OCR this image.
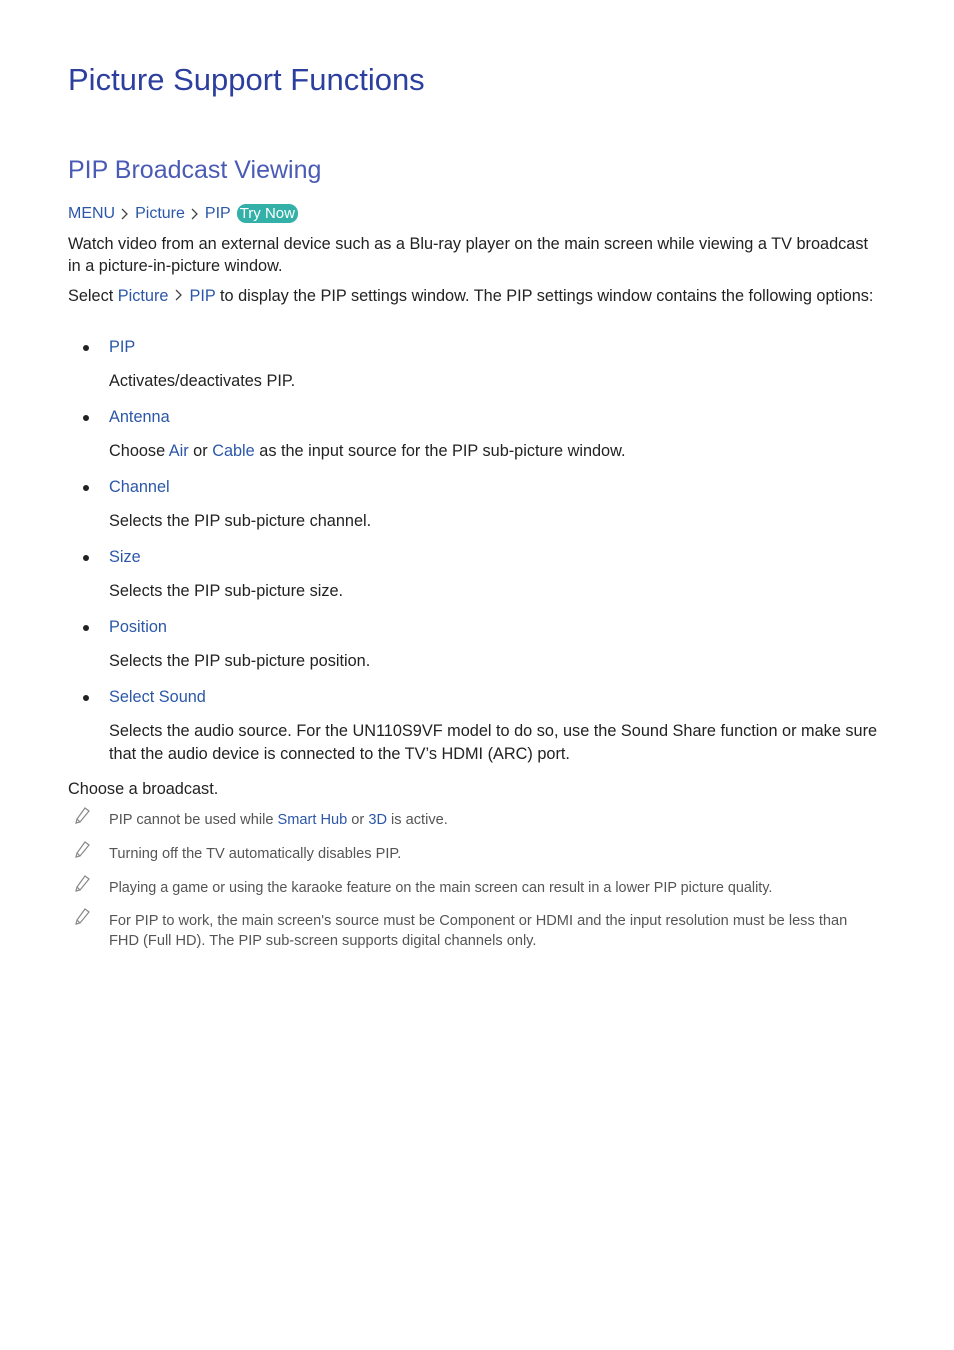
Picture Support Functions
PIP Broadcast Viewing
MENU Picture PIP Try Now

Watch video from an external device such as a Blu-ray player on the main screen while viewing a TV broadcast in a picture-in-picture window.

Select Picture PIP to display the PIP settings window. The PIP settings window contains the following options:

PIP

Activates/deactivates PIP.

Antenna

Choose Air or Cable as the input source for the PIP sub-picture window.

Channel

Selects the PIP sub-picture channel.

Size

Selects the PIP sub-picture size.

Position

Selects the PIP sub-picture position.

Select Sound

Selects the audio source. For the UN110S9VF model to do so, use the Sound Share function or make sure that the audio device is connected to the TV’s HDMI (ARC) port.

Choose a broadcast.

PIP cannot be used while Smart Hub or 3D is active.
Turning off the TV automatically disables PIP.
Playing a game or using the karaoke feature on the main screen can result in a lower PIP picture quality.
For PIP to work, the main screen's source must be Component or HDMI and the input resolution must be less than FHD (Full HD). The PIP sub-screen supports digital channels only.
